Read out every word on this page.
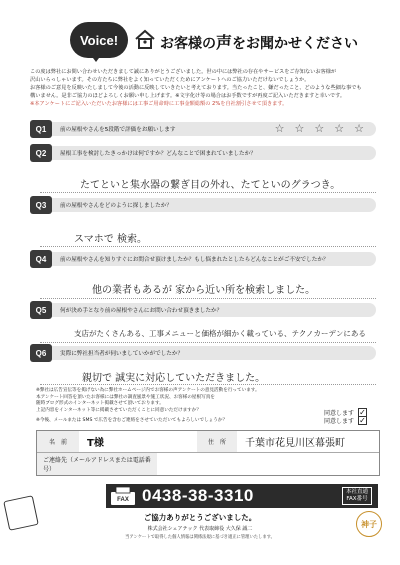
Voice!	お客様の声をお聞かせください

この度は弊社にお問い合わせいただきまして誠にありがとうございました。世の中には弊社の存在やサービスをご存知ないお客様が

沢山いらっしゃいます。その方たちに弊社をよく知っていただくためにアンケートへのご協力いただけないでしょうか。

お客様のご意見を反映いたしまして今後の活動に反映していきたいと考えております。当たったこと、嫌だったこと、どのような些細な事でも

構いません。是非ご協力のほどよろしくお願い申し上げます。※文字化け等の場合はお手数ですが再度ご記入いただきますと幸いです。

※本アンケートにご記入いただいたお客様には工事ご用命時に工事金額総額の 2%を自社割引させて頂きます。

Q1	前の屋根やさんを5段階で評価をお願いします	☆ ☆ ☆ ☆ ☆
Q2	屋根工事を検討したきっかけは何ですか？どんなことで困まれていましたか？
たてといと集水器の繋ぎ目の外れ、たてといのグラつき。
Q3	前の屋根やさんをどのように探しましたか？
スマホで 検索。
Q4	前の屋根やさんを知りすぐにお問合せ頂けましたか？もし悩まれたとしたらどんなことがご不安でしたか？
他の業者もあるが 家から近い所を検索しました。
Q5	何が決め手となり前の屋根やさんにお問い合わせ頂きましたか？
支店がたくさんある、工事メニューと価格が細かく載っている、テクノカーデンにある
Q6	実際に弊社担当者が伺いましていかがでしたか？
親切で 誠実に対応していただきました。

※弊社は広告宣伝等を掲げない為に弊社ホームページ内でお客様の声アンケートの意見活動を行っています。

本アンケート回答を頂いたお客様には弊社の調査風景や施工状況、お客様の屋根写真を

随時ブログ形式のインターネット掲載させて頂いております。

上記内容をインターネット等に掲載させていただくことに同意いただけますか？	同意します ✓

※今後、メールまたは SMS で広告を含むご連絡をさせていただいてもよろしいでしょうか？	同意します ✓
名　前	T様	住　所	千葉市花見川区幕張町
ご連絡先（メールアドレスまたは電話番号）
FAX 0438-38-3310	本社直通
FAX番号
ご協力ありがとうございました。
株式会社シェアテック 代表取締役 大久保 誠二
当アンケートで取得した個人情報は関係法規に基づき適正に管理いたします。
神子
